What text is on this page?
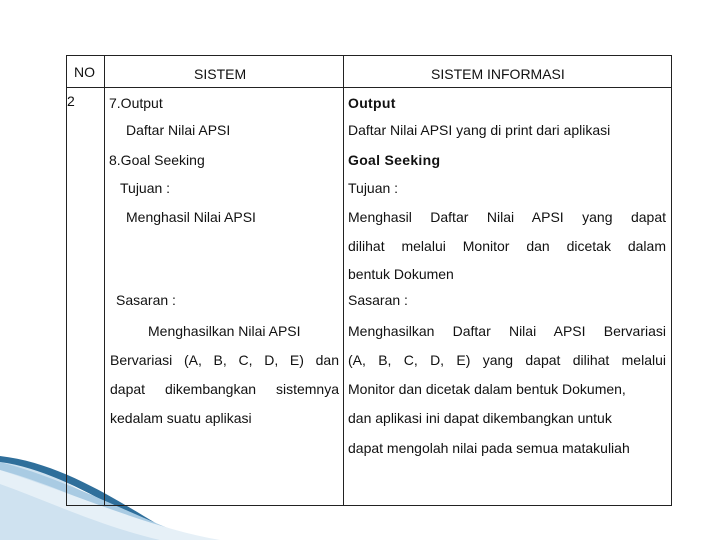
NO	SISTEM	SISTEM INFORMASI
2 7.Output
Daftar Nilai APSI
8.Goal Seeking
Tujuan :
Menghasil Nilai APSI
Sasaran :
Menghasilkan Nilai APSI
Bervariasi (A, B, C, D, E) dan
dapat dikembangkan sistemnya
kedalam suatu aplikasi
Output
Daftar Nilai APSI yang di print dari aplikasi
Goal Seeking
Tujuan :
Menghasil Daftar Nilai APSI yang dapat
dilihat melalui Monitor dan dicetak dalam
bentuk Dokumen
Sasaran :
Menghasilkan Daftar Nilai APSI Bervariasi
(A, B, C, D, E) yang dapat dilihat melalui
Monitor dan dicetak dalam bentuk Dokumen,
dan aplikasi ini dapat dikembangkan untuk
dapat mengolah nilai pada semua matakuliah
